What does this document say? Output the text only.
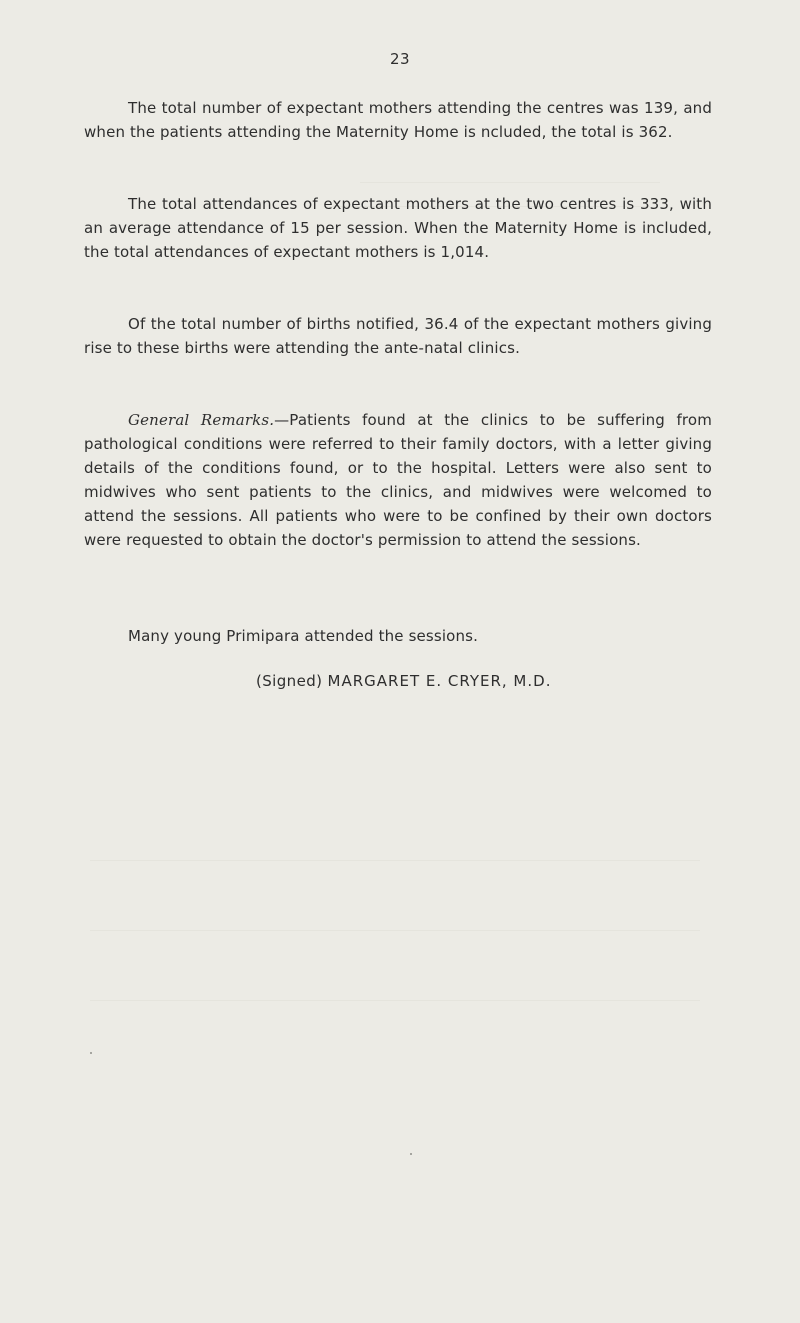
23
The total number of expectant mothers attending the centres was 139, and when the patients attending the Maternity Home is ncluded, the total is 362.
The total attendances of expectant mothers at the two centres is 333, with an average attendance of 15 per session. When the Maternity Home is included, the total attendances of expectant mothers is 1,014.
Of the total number of births notified, 36.4 of the expectant mothers giving rise to these births were attending the ante-natal clinics.
General Remarks.—Patients found at the clinics to be suffering from pathological conditions were referred to their family doctors, with a letter giving details of the conditions found, or to the hospital. Letters were also sent to midwives who sent patients to the clinics, and midwives were welcomed to attend the sessions. All patients who were to be confined by their own doctors were requested to obtain the doctor's permission to attend the sessions.
Many young Primipara attended the sessions.
(Signed) MARGARET E. CRYER, M.D.
